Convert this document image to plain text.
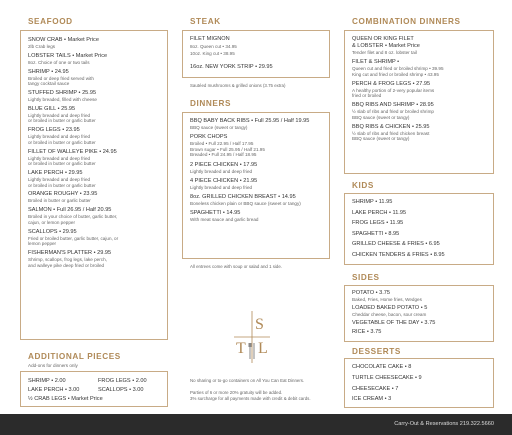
SEAFOOD
SNOW CRAB • Market Price
2lb Crab legs
LOBSTER TAILS • Market Price
8oz. Choice of one or two tails
SHRIMP • 24.95
Broiled or deep fried served with
tangy cocktail sauce
STUFFED SHRIMP • 25.95
Lightly breaded, filled with cheese
BLUE GILL • 25.95
Lightly breaded and deep fried
or broiled in butter or garlic butter
FROG LEGS • 23.95
Lightly breaded and deep fried
or broiled in butter or garlic butter
FILLET OF WALLEYE PIKE • 24.95
Lightly breaded and deep fried
or broiled in butter or garlic butter
LAKE PERCH • 29.95
Lightly breaded and deep fried
or broiled in butter or garlic butter
ORANGE ROUGHY • 23.95
Broiled in butter or garlic butter
SALMON • Full 26.95 / Half 20.95
Broiled in your choice of butter, garlic butter,
cajun, or lemon pepper
SCALLOPS • 29.95
Fried or broiled butter, garlic butter, cajun, or
lemon pepper
FISHERMAN'S PLATTER • 29.95
Shrimp, scallops, frog legs, lake perch,
and walleye pike deep fried or broiled
ADDITIONAL PIECES
Add-ons for dinners only
SHRIMP • 2.00
LAKE PERCH • 3.00
½ CRAB LEGS • Market Price
FROG LEGS • 2.00
SCALLOPS • 3.00
STEAK
FILET MIGNON
8oz. Queen cut • 34.95
10oz. King cut • 38.95
16oz. NEW YORK STRIP • 29.95
Sautéed mushrooms & grilled onions (3.75 extra)
DINNERS
BBQ BABY BACK RIBS • Full 25.95 / Half 19.95
BBQ sauce (sweet or tangy)
PORK CHOPS
Broiled • Full 22.95 / Half 17.95
Brown sugar • Full 25.95 / Half 21.95
Breaded • Full 24.95 / Half 18.95
2 PIECE CHICKEN • 17.95
Lightly breaded and deep fried
4 PIECE CHICKEN • 21.95
Lightly breaded and deep fried
8oz. GRILLED CHICKEN BREAST • 14.95
Boneless chicken plain or BBQ sauce (sweet or tangy)
SPAGHETTI • 14.95
With meat sauce and garlic bread
All entrees come with soup or salad and 1 side.
S
T L
No sharing or to-go containers on All You Can Eat Dinners.
Parties of 6 or more 20% gratuity will be added.
3% surcharge for all payments made with credit & debit cards.
COMBINATION DINNERS
QUEEN OR KING FILET
& LOBSTER • Market Price
Tender filet and 8 oz. lobster tail
FILET & SHRIMP •
Queen cut and fried or broiled shrimp • 39.95
King cut and fried or broiled shrimp • 43.95
PERCH & FROG LEGS • 27.95
A healthy portion of 2-very popular items
fried or broiled
BBQ RIBS AND SHRIMP • 28.95
½ slab of ribs and fried or broiled shrimp
BBQ sauce (sweet or tangy)
BBQ RIBS & CHICKEN • 25.95
½ slab of ribs and fried chicken breast
BBQ sauce (sweet or tangy)
KIDS
SHRIMP • 11.95
LAKE PERCH • 11.95
FROG LEGS • 11.95
SPAGHETTI • 8.95
GRILLED CHEESE & FRIES • 6.95
CHICKEN TENDERS & FRIES • 8.95
SIDES
POTATO • 3.75
Baked, Fries, Home fries, Wedges
LOADED BAKED POTATO • 5
Cheddar cheese, bacon, sour cream
VEGETABLE OF THE DAY • 3.75
RICE • 3.75
DESSERTS
CHOCOLATE CAKE • 8
TURTLE CHEESECAKE • 9
CHEESECAKE • 7
ICE CREAM • 3
Carry-Out & Reservations 219.322.5660
